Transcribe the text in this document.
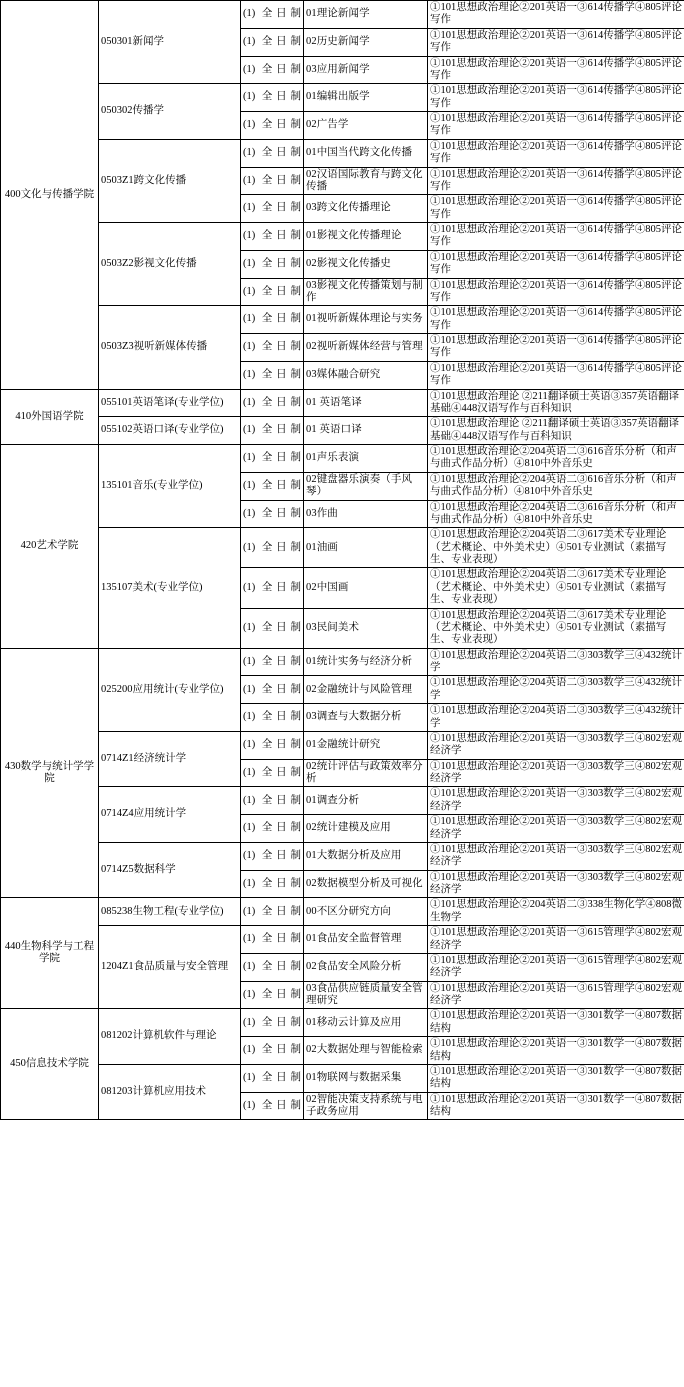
400文化与传播学院	050301新闻学	(1) 全日制	01理论新闻学	①101思想政治理论②201英语一③614传播学④805评论写作

		(1) 全日制	02历史新闻学	①101思想政治理论②201英语一③614传播学④805评论写作

		(1) 全日制	03应用新闻学	①101思想政治理论②201英语一③614传播学④805评论写作
	050302传播学	(1) 全日制	01编辑出版学	①101思想政治理论②201英语一③614传播学④805评论写作

		(1) 全日制	02广告学	①101思想政治理论②201英语一③614传播学④805评论写作
	0503Z1跨文化传播	(1) 全日制	01中国当代跨文化传播	①101思想政治理论②201英语一③614传播学④805评论写作

		(1) 全日制	02汉语国际教育与跨文化传播	①101思想政治理论②201英语一③614传播学④805评论写作

		(1) 全日制	03跨文化传播理论	①101思想政治理论②201英语一③614传播学④805评论写作
	0503Z2影视文化传播	(1) 全日制	01影视文化传播理论	①101思想政治理论②201英语一③614传播学④805评论写作

		(1) 全日制	02影视文化传播史	①101思想政治理论②201英语一③614传播学④805评论写作

		(1) 全日制	03影视文化传播策划与制作	①101思想政治理论②201英语一③614传播学④805评论写作
	0503Z3视听新媒体传播	(1) 全日制	01视听新媒体理论与实务	①101思想政治理论②201英语一③614传播学④805评论写作

		(1) 全日制	02视听新媒体经营与管理	①101思想政治理论②201英语一③614传播学④805评论写作

		(1) 全日制	03媒体融合研究	①101思想政治理论②201英语一③614传播学④805评论写作
410外国语学院	055101英语笔译(专业学位)	(1) 全日制	01 英语笔译	①101思想政治理论 ②211翻译硕士英语③357英语翻译基础④448汉语写作与百科知识
	055102英语口译(专业学位)	(1) 全日制	01 英语口译	①101思想政治理论 ②211翻译硕士英语③357英语翻译基础④448汉语写作与百科知识
420艺术学院	135101音乐(专业学位)	(1) 全日制	01声乐表演	①101思想政治理论②204英语二③616音乐分析（和声与曲式作品分析）④810中外音乐史

		(1) 全日制	02键盘器乐演奏（手风琴）	①101思想政治理论②204英语二③616音乐分析（和声与曲式作品分析）④810中外音乐史

		(1) 全日制	03作曲	①101思想政治理论②204英语二③616音乐分析（和声与曲式作品分析）④810中外音乐史
	135107美术(专业学位)	(1) 全日制	01油画	①101思想政治理论②204英语二③617美术专业理论（艺术概论、中外美术史）④501专业测试（素描写生、专业表现）

		(1) 全日制	02中国画	①101思想政治理论②204英语二③617美术专业理论（艺术概论、中外美术史）④501专业测试（素描写生、专业表现）

		(1) 全日制	03民间美术	①101思想政治理论②204英语二③617美术专业理论（艺术概论、中外美术史）④501专业测试（素描写生、专业表现）
430数学与统计学学院	025200应用统计(专业学位)	(1) 全日制	01统计实务与经济分析	①101思想政治理论②204英语二③303数学三④432统计学

		(1) 全日制	02金融统计与风险管理	①101思想政治理论②204英语二③303数学三④432统计学

		(1) 全日制	03调查与大数据分析	①101思想政治理论②204英语二③303数学三④432统计学
	0714Z1经济统计学	(1) 全日制	01金融统计研究	①101思想政治理论②201英语一③303数学三④802宏观经济学

		(1) 全日制	02统计评估与政策效率分析	①101思想政治理论②201英语一③303数学三④802宏观经济学
	0714Z4应用统计学	(1) 全日制	01调查分析	①101思想政治理论②201英语一③303数学三④802宏观经济学

		(1) 全日制	02统计建模及应用	①101思想政治理论②201英语一③303数学三④802宏观经济学
	0714Z5数据科学	(1) 全日制	01大数据分析及应用	①101思想政治理论②201英语一③303数学三④802宏观经济学

		(1) 全日制	02数据模型分析及可视化	①101思想政治理论②201英语一③303数学三④802宏观经济学
440生物科学与工程学院	085238生物工程(专业学位)	(1) 全日制	00不区分研究方向	①101思想政治理论②204英语二③338生物化学④808微生物学
	1204Z1食品质量与安全管理	(1) 全日制	01食品安全监督管理	①101思想政治理论②201英语一③615管理学④802宏观经济学

		(1) 全日制	02食品安全风险分析	①101思想政治理论②201英语一③615管理学④802宏观经济学

		(1) 全日制	03食品供应链质量安全管理研究	①101思想政治理论②201英语一③615管理学④802宏观经济学
450信息技术学院	081202计算机软件与理论	(1) 全日制	01移动云计算及应用	①101思想政治理论②201英语一③301数学一④807数据结构

		(1) 全日制	02大数据处理与智能检索	①101思想政治理论②201英语一③301数学一④807数据结构
	081203计算机应用技术	(1) 全日制	01物联网与数据采集	①101思想政治理论②201英语一③301数学一④807数据结构

		(1) 全日制	02智能决策支持系统与电子政务应用	①101思想政治理论②201英语一③301数学一④807数据结构
